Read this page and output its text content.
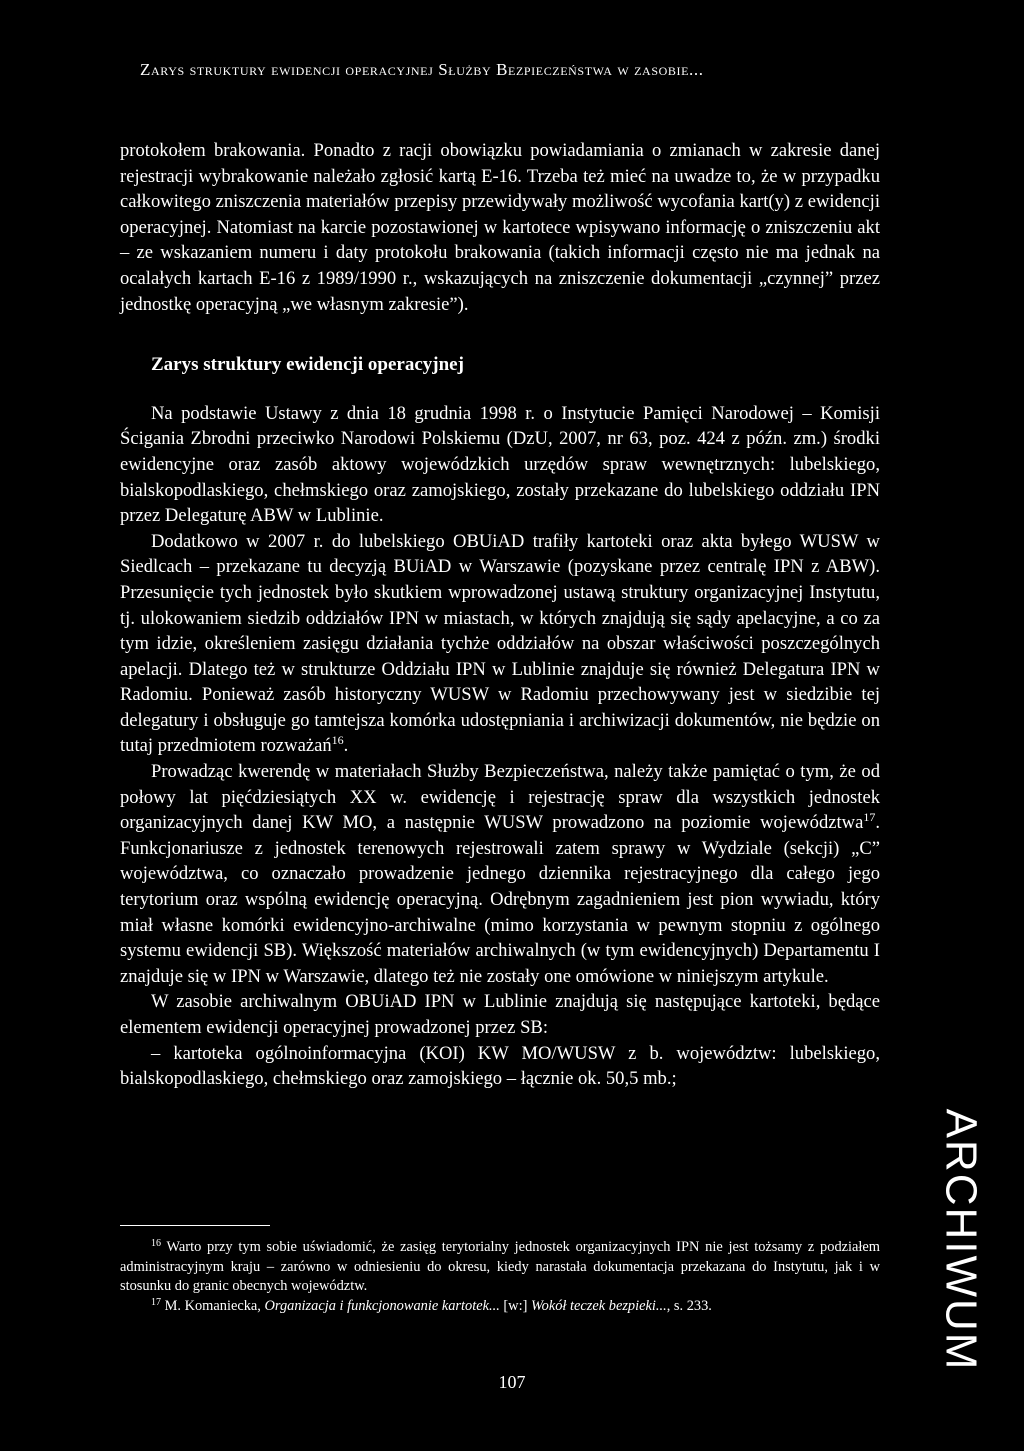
Zarys struktury ewidencji operacyjnej Służby Bezpieczeństwa w zasobie...

protokołem brakowania. Ponadto z racji obowiązku powiadamiania o zmianach w zakresie danej rejestracji wybrakowanie należało zgłosić kartą E-16. Trzeba też mieć na uwadze to, że w przypadku całkowitego zniszczenia materiałów przepisy przewidywały możliwość wycofania kart(y) z ewidencji operacyjnej. Natomiast na karcie pozostawionej w kartotece wpisywano informację o zniszczeniu akt – ze wskazaniem numeru i daty protokołu brakowania (takich informacji często nie ma jednak na ocalałych kartach E-16 z 1989/1990 r., wskazujących na zniszczenie dokumentacji „czynnej” przez jednostkę operacyjną „we własnym zakresie”).

Zarys struktury ewidencji operacyjnej

Na podstawie Ustawy z dnia 18 grudnia 1998 r. o Instytucie Pamięci Narodowej – Komisji Ścigania Zbrodni przeciwko Narodowi Polskiemu (DzU, 2007, nr 63, poz. 424 z późn. zm.) środki ewidencyjne oraz zasób aktowy wojewódzkich urzędów spraw wewnętrznych: lubelskiego, bialskopodlaskiego, chełmskiego oraz zamojskiego, zostały przekazane do lubelskiego oddziału IPN przez Delegaturę ABW w Lublinie.

Dodatkowo w 2007 r. do lubelskiego OBUiAD trafiły kartoteki oraz akta byłego WUSW w Siedlcach – przekazane tu decyzją BUiAD w Warszawie (pozyskane przez centralę IPN z ABW). Przesunięcie tych jednostek było skutkiem wprowadzonej ustawą struktury organizacyjnej Instytutu, tj. ulokowaniem siedzib oddziałów IPN w miastach, w których znajdują się sądy apelacyjne, a co za tym idzie, określeniem zasięgu działania tychże oddziałów na obszar właściwości poszczególnych apelacji. Dlatego też w strukturze Oddziału IPN w Lublinie znajduje się również Delegatura IPN w Radomiu. Ponieważ zasób historyczny WUSW w Radomiu przechowywany jest w siedzibie tej delegatury i obsługuje go tamtejsza komórka udostępniania i archiwizacji dokumentów, nie będzie on tutaj przedmiotem rozważań$^{16}$.

Prowadząc kwerendę w materiałach Służby Bezpieczeństwa, należy także pamiętać o tym, że od połowy lat pięćdziesiątych XX w. ewidencję i rejestrację spraw dla wszystkich jednostek organizacyjnych danej KW MO, a następnie WUSW prowadzono na poziomie województwa$^{17}$. Funkcjonariusze z jednostek terenowych rejestrowali zatem sprawy w Wydziale (sekcji) „C” województwa, co oznaczało prowadzenie jednego dziennika rejestracyjnego dla całego jego terytorium oraz wspólną ewidencję operacyjną. Odrębnym zagadnieniem jest pion wywiadu, który miał własne komórki ewidencyjno-archiwalne (mimo korzystania w pewnym stopniu z ogólnego systemu ewidencji SB). Większość materiałów archiwalnych (w tym ewidencyjnych) Departamentu I znajduje się w IPN w Warszawie, dlatego też nie zostały one omówione w niniejszym artykule.

W zasobie archiwalnym OBUiAD IPN w Lublinie znajdują się następujące kartoteki, będące elementem ewidencji operacyjnej prowadzonej przez SB:

– kartoteka ogólnoinformacyjna (KOI) KW MO/WUSW z b. województw: lubelskiego, bialskopodlaskiego, chełmskiego oraz zamojskiego – łącznie ok. 50,5 mb.;

$^{16}$ Warto przy tym sobie uświadomić, że zasięg terytorialny jednostek organizacyjnych IPN nie jest tożsamy z podziałem administracyjnym kraju – zarówno w odniesieniu do okresu, kiedy narastała dokumentacja przekazana do Instytutu, jak i w stosunku do granic obecnych województw.

$^{17}$ M. Komaniecka, Organizacja i funkcjonowanie kartotek... [w:] Wokół teczek bezpieki..., s. 233.	ARCHIWUM
107
